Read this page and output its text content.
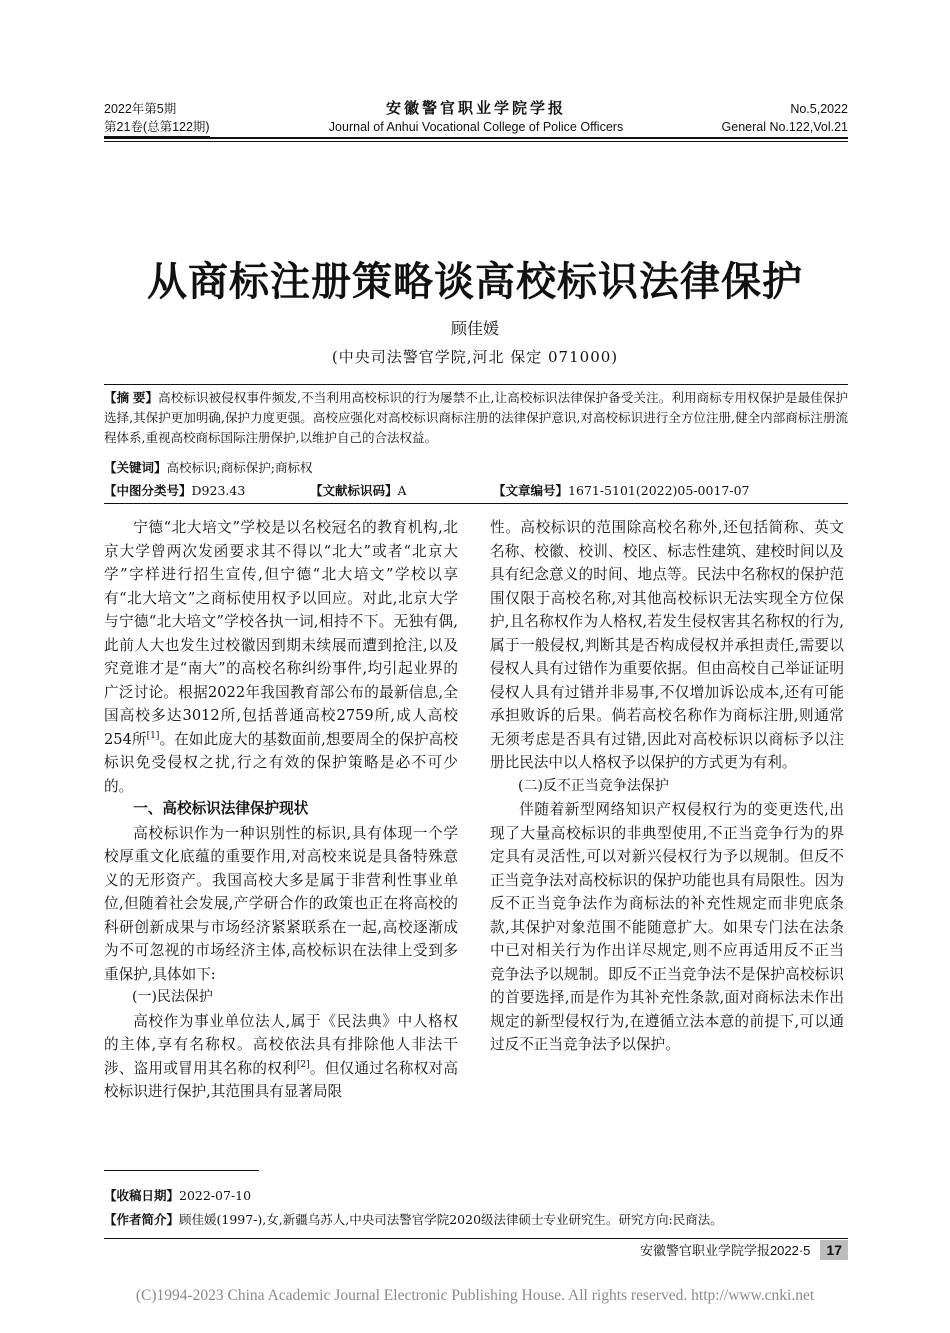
2022年第5期
第21卷(总第122期)
安徽警官职业学院学报
Journal of Anhui Vocational College of Police Officers
No.5,2022
General No.122,Vol.21
从商标注册策略谈高校标识法律保护
顾佳媛
(中央司法警官学院,河北 保定 071000)
【摘 要】高校标识被侵权事件频发,不当利用高校标识的行为屡禁不止,让高校标识法律保护备受关注。利用商标专用权保护是最佳保护选择,其保护更加明确,保护力度更强。高校应强化对高校标识商标注册的法律保护意识,对高校标识进行全方位注册,健全内部商标注册流程体系,重视高校商标国际注册保护,以维护自己的合法权益。
【关键词】高校标识;商标保护;商标权
【中图分类号】D923.43	【文献标识码】A	【文章编号】1671-5101(2022)05-0017-07

宁德“北大培文”学校是以名校冠名的教育机构,北京大学曾两次发函要求其不得以“北大”或者“北京大学”字样进行招生宣传,但宁德“北大培文”学校以享有“北大培文”之商标使用权予以回应。对此,北京大学与宁德“北大培文”学校各执一词,相持不下。无独有偶,此前人大也发生过校徽因到期未续展而遭到抢注,以及究竟谁才是“南大”的高校名称纠纷事件,均引起业界的广泛讨论。根据2022年我国教育部公布的最新信息,全国高校多达3012所,包括普通高校2759所,成人高校254所[1]。在如此庞大的基数面前,想要周全的保护高校标识免受侵权之扰,行之有效的保护策略是必不可少的。

一、高校标识法律保护现状

高校标识作为一种识别性的标识,具有体现一个学校厚重文化底蕴的重要作用,对高校来说是具备特殊意义的无形资产。我国高校大多是属于非营利性事业单位,但随着社会发展,产学研合作的政策也正在将高校的科研创新成果与市场经济紧紧联系在一起,高校逐渐成为不可忽视的市场经济主体,高校标识在法律上受到多重保护,具体如下:

(一)民法保护

高校作为事业单位法人,属于《民法典》中人格权的主体,享有名称权。高校依法具有排除他人非法干涉、盗用或冒用其名称的权利[2]。但仅通过名称权对高校标识进行保护,其范围具有显著局限

性。高校标识的范围除高校名称外,还包括简称、英文名称、校徽、校训、校区、标志性建筑、建校时间以及具有纪念意义的时间、地点等。民法中名称权的保护范围仅限于高校名称,对其他高校标识无法实现全方位保护,且名称权作为人格权,若发生侵权害其名称权的行为,属于一般侵权,判断其是否构成侵权并承担责任,需要以侵权人具有过错作为重要依据。但由高校自己举证证明侵权人具有过错并非易事,不仅增加诉讼成本,还有可能承担败诉的后果。倘若高校名称作为商标注册,则通常无须考虑是否具有过错,因此对高校标识以商标予以注册比民法中以人格权予以保护的方式更为有利。

(二)反不正当竞争法保护

伴随着新型网络知识产权侵权行为的变更迭代,出现了大量高校标识的非典型使用,不正当竞争行为的界定具有灵活性,可以对新兴侵权行为予以规制。但反不正当竞争法对高校标识的保护功能也具有局限性。因为反不正当竞争法作为商标法的补充性规定而非兜底条款,其保护对象范围不能随意扩大。如果专门法在法条中已对相关行为作出详尽规定,则不应再适用反不正当竞争法予以规制。即反不正当竞争法不是保护高校标识的首要选择,而是作为其补充性条款,面对商标法未作出规定的新型侵权行为,在遵循立法本意的前提下,可以通过反不正当竞争法予以保护。

【收稿日期】2022-07-10
【作者简介】顾佳媛(1997-),女,新疆乌苏人,中央司法警官学院2020级法律硕士专业研究生。研究方向:民商法。
安徽警官职业学院学报2022·5 17
(C)1994-2023 China Academic Journal Electronic Publishing House. All rights reserved. http://www.cnki.net
